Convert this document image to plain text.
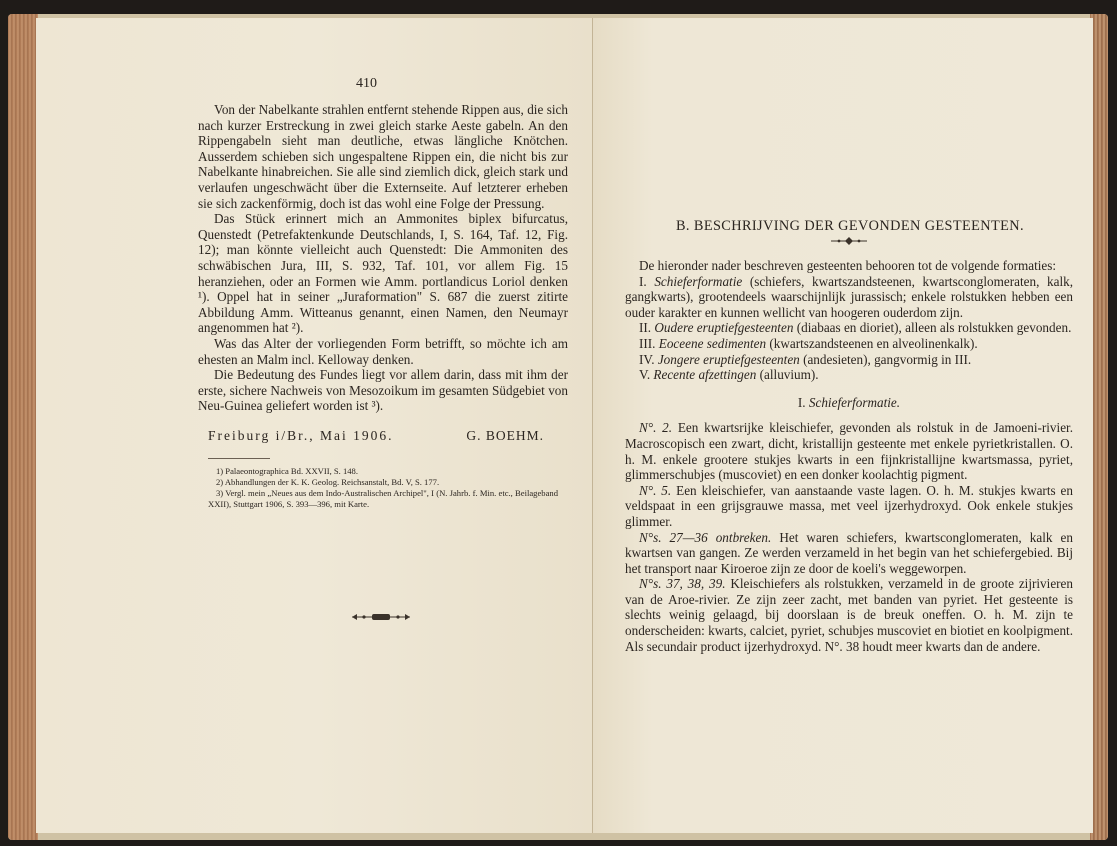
410

Von der Nabelkante strahlen entfernt stehende Rippen aus, die sich nach kurzer Erstreckung in zwei gleich starke Aeste gabeln. An den Rippengabeln sieht man deutliche, etwas längliche Knötchen. Ausserdem schieben sich ungespaltene Rippen ein, die nicht bis zur Nabelkante hinabreichen. Sie alle sind ziemlich dick, gleich stark und verlaufen ungeschwächt über die Externseite. Auf letzterer erheben sie sich zackenförmig, doch ist das wohl eine Folge der Pressung.

Das Stück erinnert mich an Ammonites biplex bifurcatus, Quenstedt (Petrefaktenkunde Deutschlands, I, S. 164, Taf. 12, Fig. 12); man könnte vielleicht auch Quenstedt: Die Ammoniten des schwäbischen Jura, III, S. 932, Taf. 101, vor allem Fig. 15 heranziehen, oder an Formen wie Amm. portlandicus Loriol denken ¹). Oppel hat in seiner „Juraformation" S. 687 die zuerst zitirte Abbildung Amm. Witteanus genannt, einen Namen, den Neumayr angenommen hat ²).

Was das Alter der vorliegenden Form betrifft, so möchte ich am ehesten an Malm incl. Kelloway denken.

Die Bedeutung des Fundes liegt vor allem darin, dass mit ihm der erste, sichere Nachweis von Mesozoikum im gesamten Südgebiet von Neu-Guinea geliefert worden ist ³).

Freiburg i/Br., Mai 1906.	G. BOEHM.

1) Palaeontographica Bd. XXVII, S. 148.

2) Abhandlungen der K. K. Geolog. Reichsanstalt, Bd. V, S. 177.

3) Vergl. mein „Neues aus dem Indo-Australischen Archipel", I (N. Jahrb. f. Min. etc., Beilageband XXII), Stuttgart 1906, S. 393—396, mit Karte.

B. BESCHRIJVING DER GEVONDEN GESTEENTEN.

De hieronder nader beschreven gesteenten behooren tot de volgende formaties:

I. Schieferformatie (schiefers, kwartszandsteenen, kwartsconglomeraten, kalk, gangkwarts), grootendeels waarschijnlijk jurassisch; enkele rolstukken hebben een ouder karakter en kunnen wellicht van hoogeren ouderdom zijn.

II. Oudere eruptiefgesteenten (diabaas en dioriet), alleen als rolstukken gevonden.

III. Eoceene sedimenten (kwartszandsteenen en alveolinenkalk).

IV. Jongere eruptiefgesteenten (andesieten), gangvormig in III.

V. Recente afzettingen (alluvium).

I. Schieferformatie.

N°. 2. Een kwartsrijke kleischiefer, gevonden als rolstuk in de Jamoeni-rivier. Macroscopisch een zwart, dicht, kristallijn gesteente met enkele pyrietkristallen. O. h. M. enkele grootere stukjes kwarts in een fijnkristallijne kwartsmassa, pyriet, glimmerschubjes (muscoviet) en een donker koolachtig pigment.

N°. 5. Een kleischiefer, van aanstaande vaste lagen. O. h. M. stukjes kwarts en veldspaat in een grijsgrauwe massa, met veel ijzerhydroxyd. Ook enkele stukjes glimmer.

N°s. 27—36 ontbreken. Het waren schiefers, kwartsconglomeraten, kalk en kwartsen van gangen. Ze werden verzameld in het begin van het schiefergebied. Bij het transport naar Kiroeroe zijn ze door de koeli's weggeworpen.

N°s. 37, 38, 39. Kleischiefers als rolstukken, verzameld in de groote zijrivieren van de Aroe-rivier. Ze zijn zeer zacht, met banden van pyriet. Het gesteente is slechts weinig gelaagd, bij doorslaan is de breuk oneffen. O. h. M. zijn te onderscheiden: kwarts, calciet, pyriet, schubjes muscoviet en biotiet en koolpigment. Als secundair product ijzerhydroxyd. N°. 38 houdt meer kwarts dan de andere.
